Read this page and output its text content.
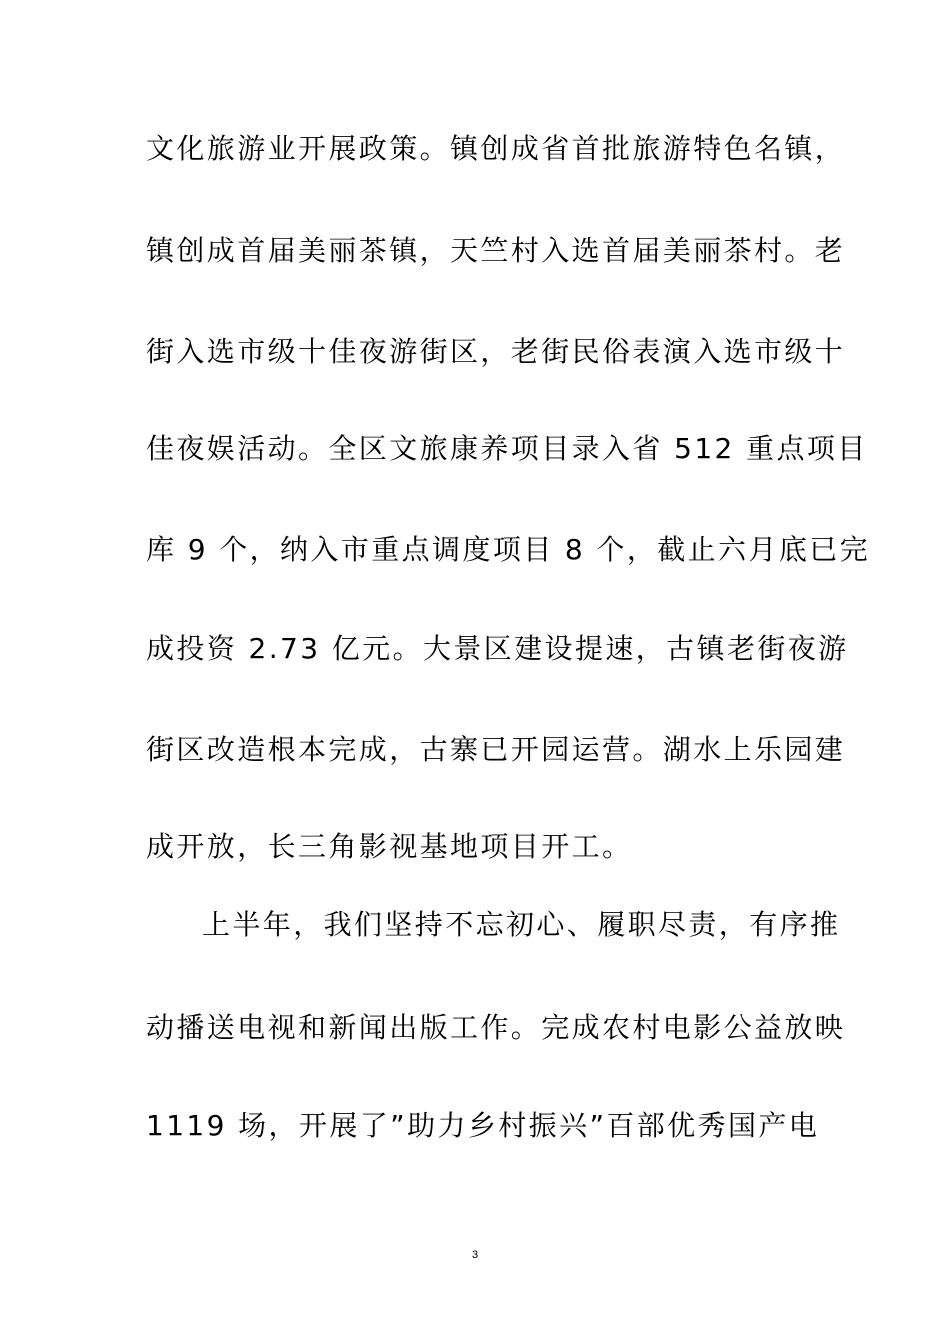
文化旅游业开展政策。镇创成省首批旅游特色名镇，
镇创成首届美丽茶镇，天竺村入选首届美丽茶村。老
街入选市级十佳夜游街区，老街民俗表演入选市级十
佳夜娱活动。全区文旅康养项目录入省 512 重点项目
库 9 个，纳入市重点调度项目 8 个，截止六月底已完
成投资 2.73 亿元。大景区建设提速，古镇老街夜游
街区改造根本完成，古寨已开园运营。湖水上乐园建
成开放，长三角影视基地项目开工。
上半年，我们坚持不忘初心、履职尽责，有序推
动播送电视和新闻出版工作。完成农村电影公益放映
1119 场，开展了”助力乡村振兴”百部优秀国产电
3
